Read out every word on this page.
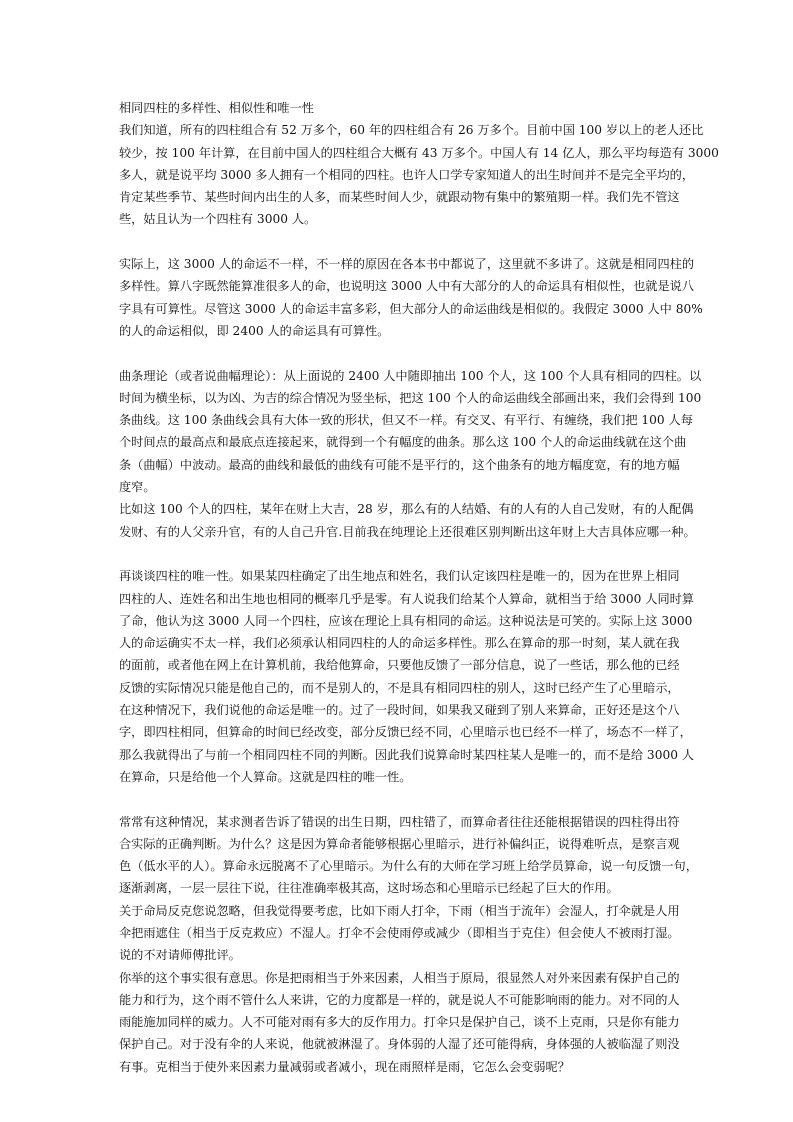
相同四柱的多样性、相似性和唯一性
我们知道，所有的四柱组合有 52 万多个，60 年的四柱组合有 26 万多个。目前中国 100 岁以上的老人还比
较少，按 100 年计算，在目前中国人的四柱组合大概有 43 万多个。中国人有 14 亿人，那么平均每造有 3000
多人，就是说平均 3000 多人拥有一个相同的四柱。也许人口学专家知道人的出生时间并不是完全平均的，
肯定某些季节、某些时间内出生的人多，而某些时间人少，就跟动物有集中的繁殖期一样。我们先不管这
些，姑且认为一个四柱有 3000 人。
实际上，这 3000 人的命运不一样，不一样的原因在各本书中都说了，这里就不多讲了。这就是相同四柱的
多样性。算八字既然能算准很多人的命，也说明这 3000 人中有大部分的人的命运具有相似性，也就是说八
字具有可算性。尽管这 3000 人的命运丰富多彩，但大部分人的命运曲线是相似的。我假定 3000 人中 80%
的人的命运相似，即 2400 人的命运具有可算性。
曲条理论（或者说曲幅理论）：从上面说的 2400 人中随即抽出 100 个人，这 100 个人具有相同的四柱。以
时间为横坐标，以为凶、为吉的综合情况为竖坐标，把这 100 个人的命运曲线全部画出来，我们会得到 100
条曲线。这 100 条曲线会具有大体一致的形状，但又不一样。有交叉、有平行、有缠绕，我们把 100 人每
个时间点的最高点和最底点连接起来，就得到一个有幅度的曲条。那么这 100 个人的命运曲线就在这个曲
条（曲幅）中波动。最高的曲线和最低的曲线有可能不是平行的，这个曲条有的地方幅度宽，有的地方幅
度窄。
比如这 100 个人的四柱，某年在财上大吉，28 岁，那么有的人结婚、有的人有的人自己发财，有的人配偶
发财、有的人父亲升官，有的人自己升官.目前我在纯理论上还很难区别判断出这年财上大吉具体应哪一种。
再谈谈四柱的唯一性。如果某四柱确定了出生地点和姓名，我们认定该四柱是唯一的，因为在世界上相同
四柱的人、连姓名和出生地也相同的概率几乎是零。有人说我们给某个人算命，就相当于给 3000 人同时算
了命，他认为这 3000 人同一个四柱，应该在理论上具有相同的命运。这种说法是可笑的。实际上这 3000
人的命运确实不太一样，我们必须承认相同四柱的人的命运多样性。那么在算命的那一时刻，某人就在我
的面前，或者他在网上在计算机前，我给他算命，只要他反馈了一部分信息，说了一些话，那么他的已经
反馈的实际情况只能是他自己的，而不是别人的，不是具有相同四柱的别人，这时已经产生了心里暗示，
在这种情况下，我们说他的命运是唯一的。过了一段时间，如果我又碰到了别人来算命，正好还是这个八
字，即四柱相同，但算命的时间已经改变，部分反馈已经不同，心里暗示也已经不一样了，场态不一样了，
那么我就得出了与前一个相同四柱不同的判断。因此我们说算命时某四柱某人是唯一的，而不是给 3000 人
在算命，只是给他一个人算命。这就是四柱的唯一性。
常常有这种情况，某求测者告诉了错误的出生日期，四柱错了，而算命者往往还能根据错误的四柱得出符
合实际的正确判断。为什么？这是因为算命者能够根据心里暗示，进行补偏纠正，说得难听点，是察言观
色（低水平的人）。算命永远脱离不了心里暗示。为什么有的大师在学习班上给学员算命，说一句反馈一句，
逐渐剥离，一层一层往下说，往往准确率极其高，这时场态和心里暗示已经起了巨大的作用。
关于命局反克您说忽略，但我觉得要考虑，比如下雨人打伞，下雨（相当于流年）会湿人，打伞就是人用
伞把雨遮住（相当于反克救应）不湿人。打伞不会使雨停或减少（即相当于克住）但会使人不被雨打湿。
说的不对请师傅批评。
你举的这个事实很有意思。你是把雨相当于外来因素，人相当于原局，很显然人对外来因素有保护自己的
能力和行为，这个雨不管什么人来讲，它的力度都是一样的，就是说人不可能影响雨的能力。对不同的人
雨能施加同样的威力。人不可能对雨有多大的反作用力。打伞只是保护自己，谈不上克雨，只是你有能力
保护自己。对于没有伞的人来说，他就被淋湿了。身体弱的人湿了还可能得病，身体强的人被临湿了则没
有事。克相当于使外来因素力量减弱或者减小，现在雨照样是雨，它怎么会变弱呢？
